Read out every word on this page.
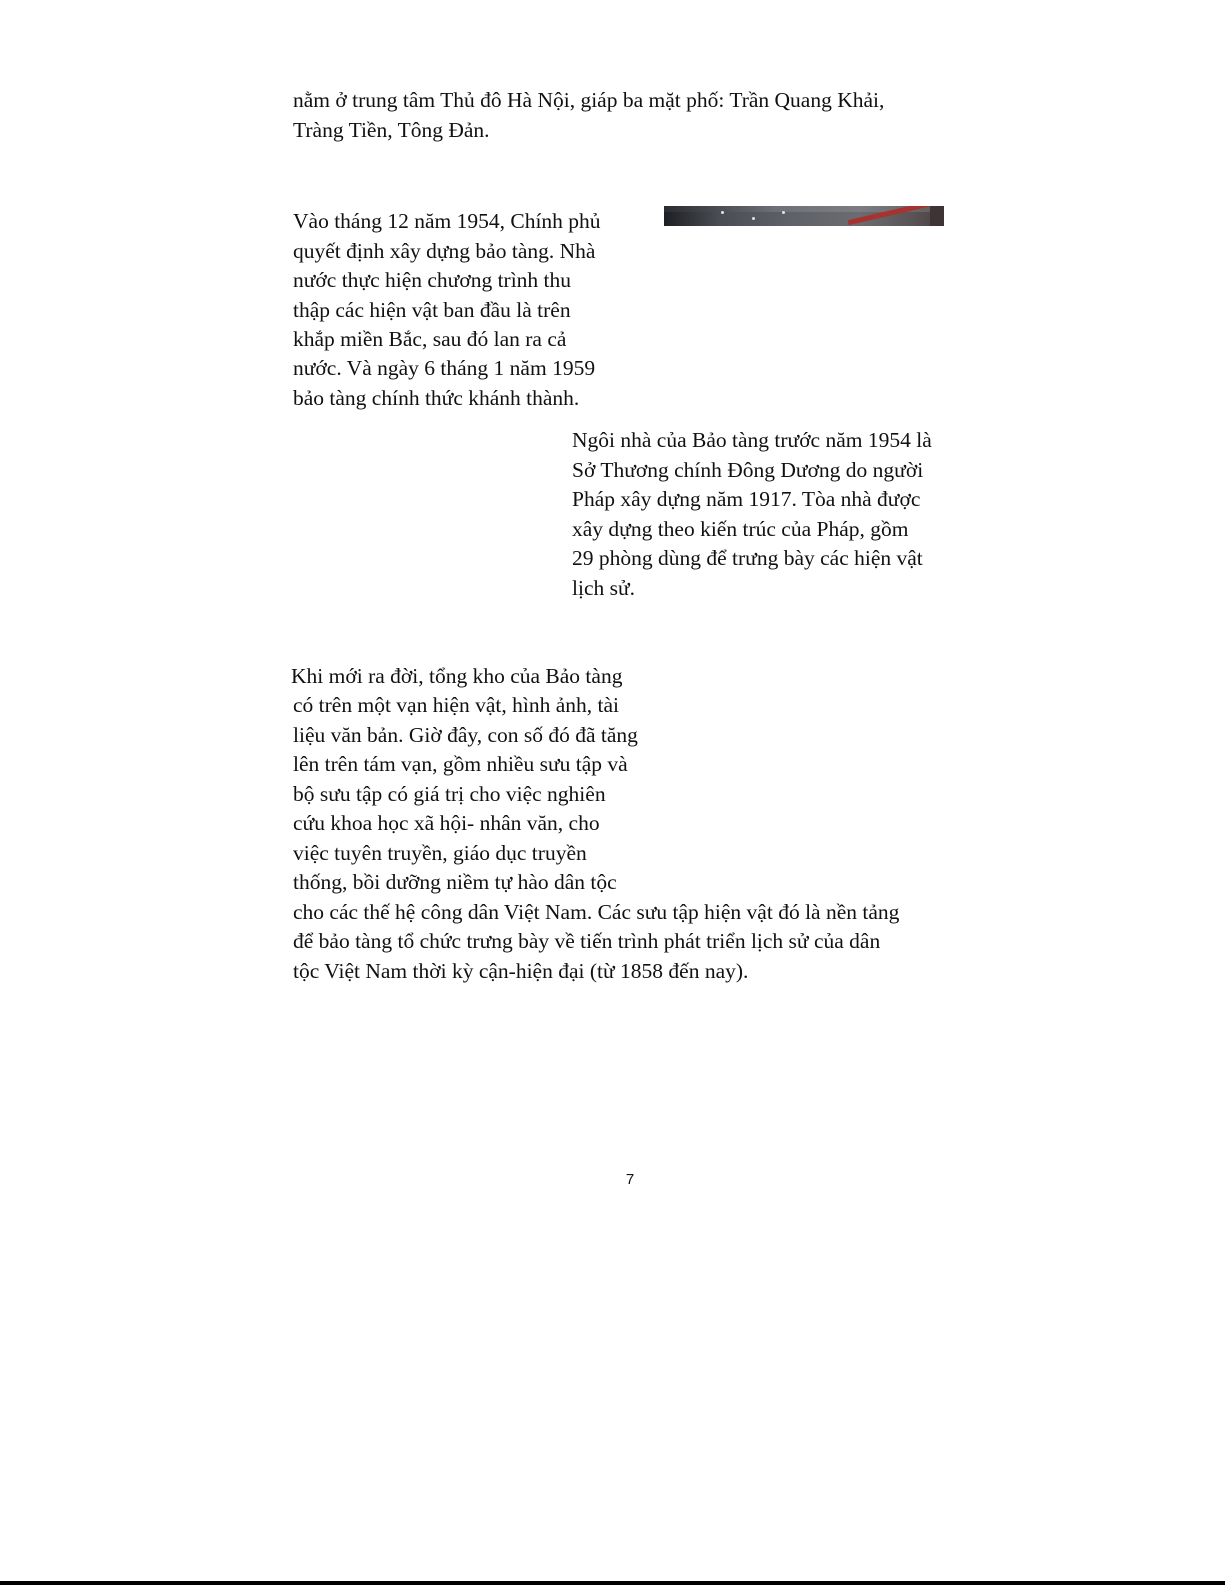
nằm ở trung tâm Thủ đô Hà Nội, giáp ba mặt phố: Trần Quang Khải,
Tràng Tiền, Tông Đản.
Vào tháng 12 năm 1954, Chính phủ
quyết định xây dựng bảo tàng. Nhà
nước thực hiện chương trình thu
thập các hiện vật ban đầu là trên
khắp miền Bắc, sau đó lan ra cả
nước. Và ngày 6 tháng 1 năm 1959
bảo tàng chính thức khánh thành.
Ngôi nhà của Bảo tàng trước năm 1954 là
Sở Thương chính Đông Dương do người
Pháp xây dựng năm 1917. Tòa nhà được
xây dựng theo kiến trúc của Pháp, gồm
29 phòng dùng để trưng bày các hiện vật
lịch sử.
Khi mới ra đời, tổng kho của Bảo tàng
có trên một vạn hiện vật, hình ảnh, tài
liệu văn bản. Giờ đây, con số đó đã tăng
lên trên tám vạn, gồm nhiều sưu tập và
bộ sưu tập có giá trị cho việc nghiên
cứu khoa học xã hội- nhân văn, cho
việc tuyên truyền, giáo dục truyền
thống, bồi dưỡng niềm tự hào dân tộc
cho các thế hệ công dân Việt Nam. Các sưu tập hiện vật đó là nền tảng
để bảo tàng tổ chức trưng bày về tiến trình phát triển lịch sử của dân
tộc Việt Nam thời kỳ cận-hiện đại (từ 1858 đến nay).
7
